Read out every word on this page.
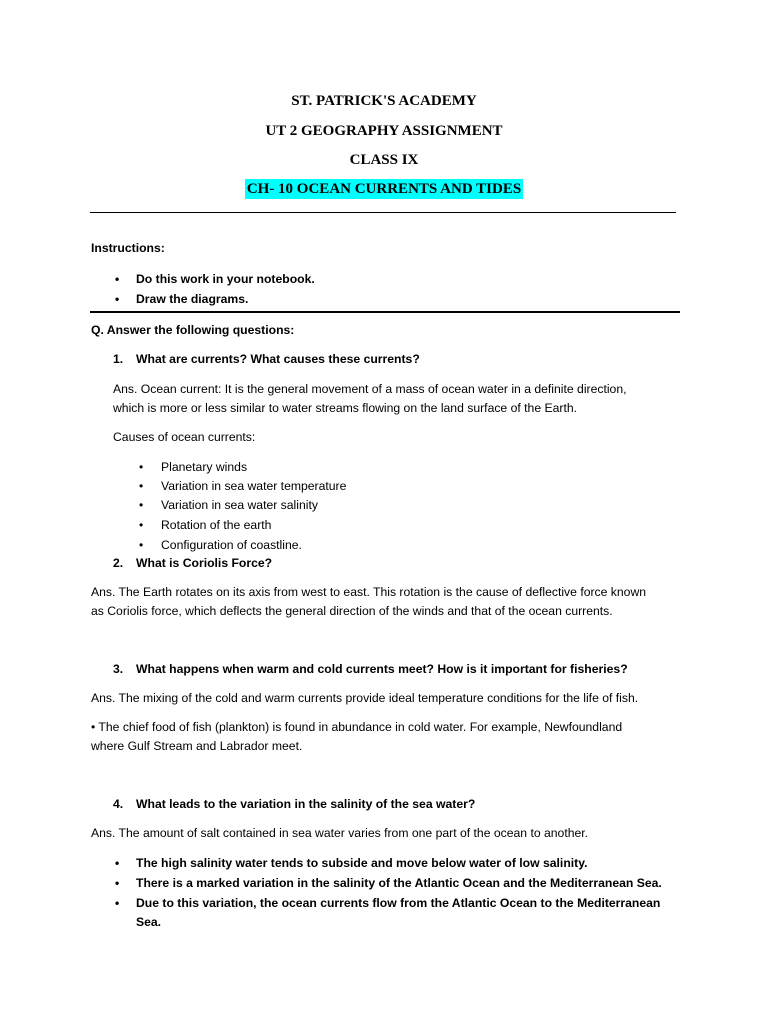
ST. PATRICK'S ACADEMY
UT 2 GEOGRAPHY ASSIGNMENT
CLASS IX
CH- 10 OCEAN CURRENTS AND TIDES
Instructions:
• Do this work in your notebook.
• Draw the diagrams.
Q. Answer the following questions:
1. What are currents? What causes these currents?
Ans. Ocean current: It is the general movement of a mass of ocean water in a definite direction,
which is more or less similar to water streams flowing on the land surface of the Earth.
Causes of ocean currents:
• Planetary winds
• Variation in sea water temperature
• Variation in sea water salinity
• Rotation of the earth
• Configuration of coastline.
2. What is Coriolis Force?
Ans. The Earth rotates on its axis from west to east. This rotation is the cause of deflective force known
as Coriolis force, which deflects the general direction of the winds and that of the ocean currents.
3. What happens when warm and cold currents meet? How is it important for fisheries?
Ans. The mixing of the cold and warm currents provide ideal temperature conditions for the life of fish.
• The chief food of fish (plankton) is found in abundance in cold water. For example, Newfoundland
where Gulf Stream and Labrador meet.
4. What leads to the variation in the salinity of the sea water?
Ans. The amount of salt contained in sea water varies from one part of the ocean to another.
• The high salinity water tends to subside and move below water of low salinity.
• There is a marked variation in the salinity of the Atlantic Ocean and the Mediterranean Sea.
• Due to this variation, the ocean currents flow from the Atlantic Ocean to the Mediterranean
Sea.
